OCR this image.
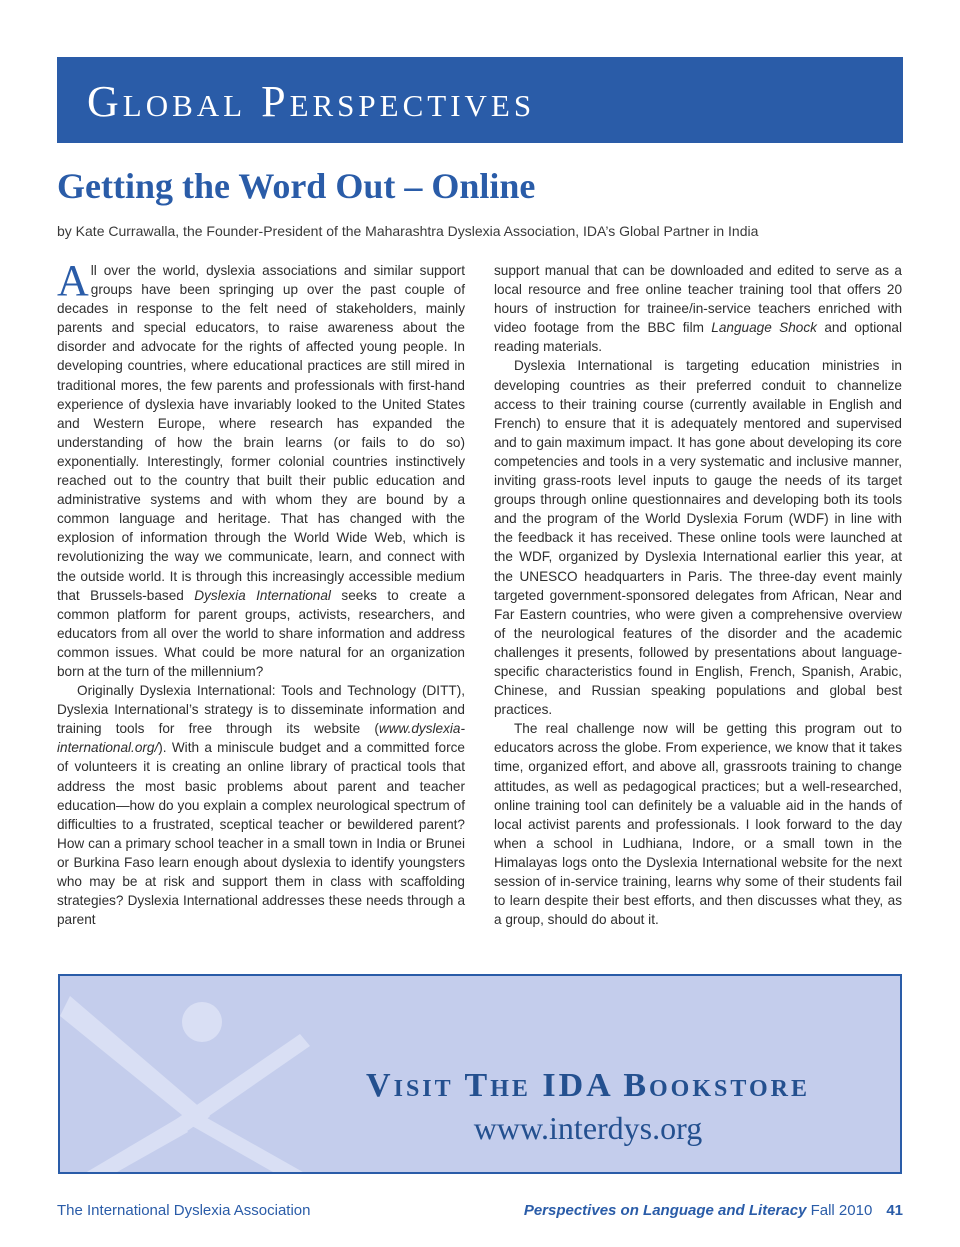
Global Perspectives
Getting the Word Out – Online
by Kate Currawalla, the Founder-President of the Maharashtra Dyslexia Association, IDA’s Global Partner in India

All over the world, dyslexia associations and similar support groups have been springing up over the past couple of decades in response to the felt need of stakeholders, mainly parents and special educators, to raise awareness about the disorder and advocate for the rights of affected young people. In developing countries, where educational practices are still mired in traditional mores, the few parents and professionals with first-hand experience of dyslexia have invariably looked to the United States and Western Europe, where research has expanded the understanding of how the brain learns (or fails to do so) exponentially. Interestingly, former colonial countries instinctively reached out to the country that built their public education and administrative systems and with whom they are bound by a common language and heritage. That has changed with the explosion of information through the World Wide Web, which is revolutionizing the way we communicate, learn, and connect with the outside world. It is through this increasingly accessible medium that Brussels-based Dyslexia International seeks to create a common platform for parent groups, activists, researchers, and educators from all over the world to share information and address common issues. What could be more natural for an organization born at the turn of the millennium?

Originally Dyslexia International: Tools and Technology (DITT), Dyslexia International’s strategy is to disseminate information and training tools for free through its website (www.dyslexia-international.org/). With a miniscule budget and a committed force of volunteers it is creating an online library of practical tools that address the most basic problems about parent and teacher education—how do you explain a complex neurological spectrum of difficulties to a frustrated, sceptical teacher or bewildered parent? How can a primary school teacher in a small town in India or Brunei or Burkina Faso learn enough about dyslexia to identify youngsters who may be at risk and support them in class with scaffolding strategies? Dyslexia International addresses these needs through a parent

support manual that can be downloaded and edited to serve as a local resource and free online teacher training tool that offers 20 hours of instruction for trainee/in-service teachers enriched with video footage from the BBC film Language Shock and optional reading materials.

Dyslexia International is targeting education ministries in developing countries as their preferred conduit to channelize access to their training course (currently available in English and French) to ensure that it is adequately mentored and supervised and to gain maximum impact. It has gone about developing its core competencies and tools in a very systematic and inclusive manner, inviting grass-roots level inputs to gauge the needs of its target groups through online questionnaires and developing both its tools and the program of the World Dyslexia Forum (WDF) in line with the feedback it has received. These online tools were launched at the WDF, organized by Dyslexia International earlier this year, at the UNESCO headquarters in Paris. The three-day event mainly targeted government-sponsored delegates from African, Near and Far Eastern countries, who were given a comprehensive overview of the neurological features of the disorder and the academic challenges it presents, followed by presentations about language-specific characteristics found in English, French, Spanish, Arabic, Chinese, and Russian speaking populations and global best practices.

The real challenge now will be getting this program out to educators across the globe. From experience, we know that it takes time, organized effort, and above all, grassroots training to change attitudes, as well as pedagogical practices; but a well-researched, online training tool can definitely be a valuable aid in the hands of local activist parents and professionals. I look forward to the day when a school in Ludhiana, Indore, or a small town in the Himalayas logs onto the Dyslexia International website for the next session of in-service training, learns why some of their students fail to learn despite their best efforts, and then discusses what they, as a group, should do about it.

Visit The IDA Bookstore
www.interdys.org
The International Dyslexia Association	Perspectives on Language and Literacy Fall 2010 41
